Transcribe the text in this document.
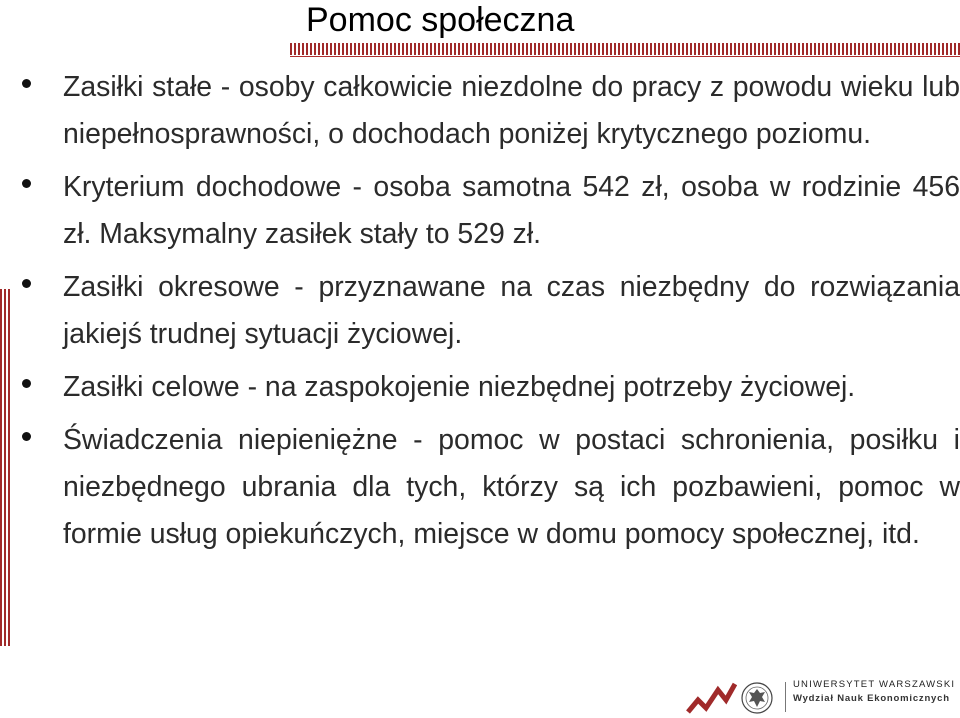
Pomoc społeczna
Zasiłki stałe - osoby całkowicie niezdolne do pracy z powodu wieku lub niepełnosprawności, o dochodach poniżej krytycznego poziomu.
Kryterium dochodowe - osoba samotna 542 zł, osoba w rodzinie 456 zł. Maksymalny zasiłek stały to 529 zł.
Zasiłki okresowe - przyznawane na czas niezbędny do rozwiązania jakiejś trudnej sytuacji życiowej.
Zasiłki celowe - na zaspokojenie niezbędnej potrzeby życiowej.
Świadczenia niepieniężne - pomoc w postaci schronienia, posiłku i niezbędnego ubrania dla tych, którzy są ich pozbawieni, pomoc w formie usług opiekuńczych, miejsce w domu pomocy społecznej, itd.
UNIWERSYTET WARSZAWSKI
Wydział Nauk Ekonomicznych
